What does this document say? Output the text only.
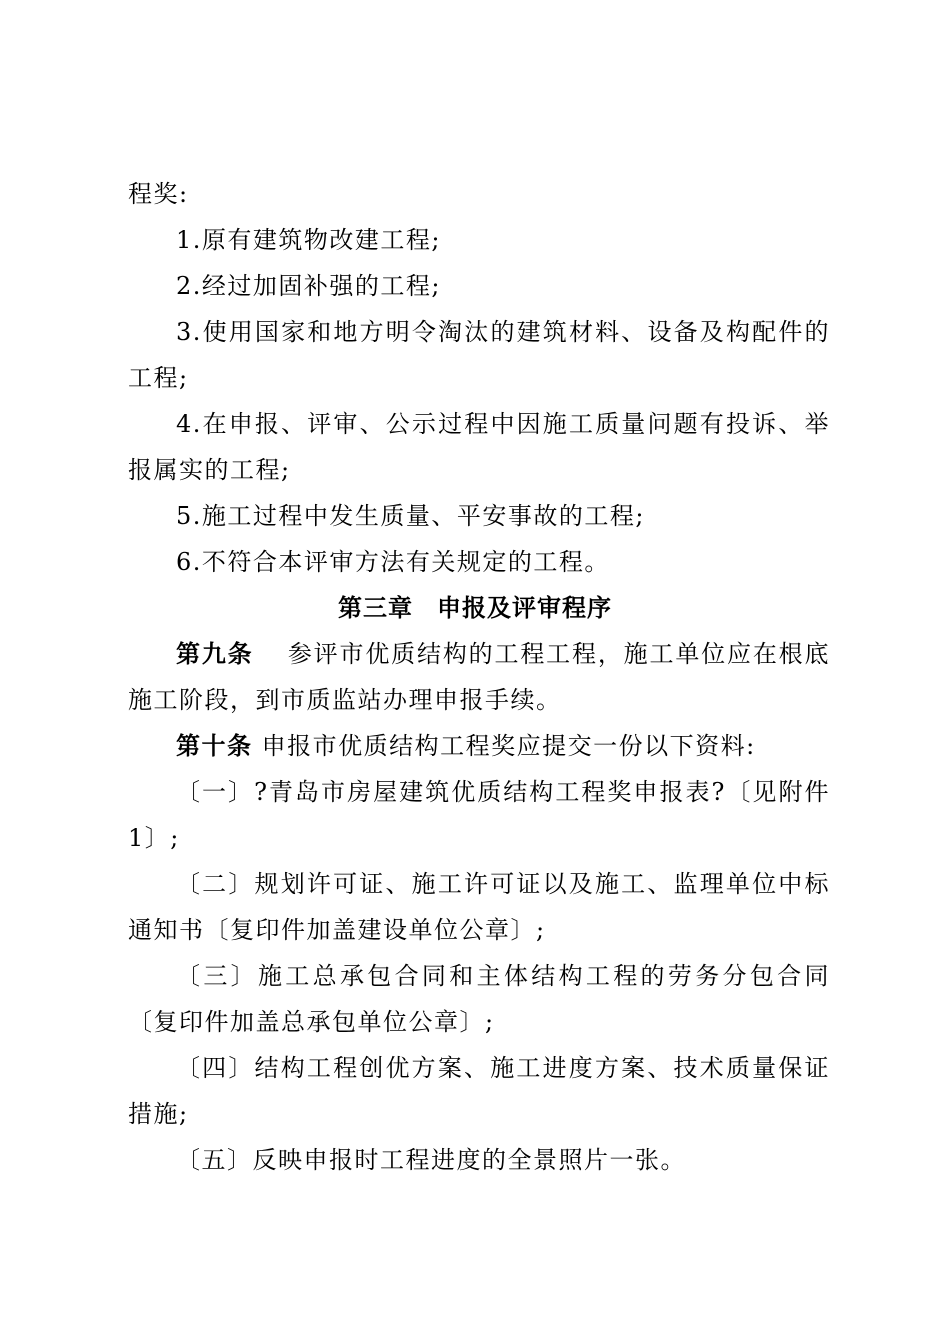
程奖:
1.原有建筑物改建工程;
2.经过加固补强的工程;
3.使用国家和地方明令淘汰的建筑材料、设备及构配件的
工程;
4.在申报、评审、公示过程中因施工质量问题有投诉、举
报属实的工程;
5.施工过程中发生质量、平安事故的工程;
6.不符合本评审方法有关规定的工程。
第三章 申报及评审程序
第九条 参评市优质结构的工程工程，施工单位应在根底
施工阶段，到市质监站办理申报手续。
第十条 申报市优质结构工程奖应提交一份以下资料:
〔一〕?青岛市房屋建筑优质结构工程奖申报表?〔见附件
1〕;
〔二〕规划许可证、施工许可证以及施工、监理单位中标
通知书〔复印件加盖建设单位公章〕;
〔三〕施工总承包合同和主体结构工程的劳务分包合同
〔复印件加盖总承包单位公章〕;
〔四〕结构工程创优方案、施工进度方案、技术质量保证
措施;
〔五〕反映申报时工程进度的全景照片一张。
